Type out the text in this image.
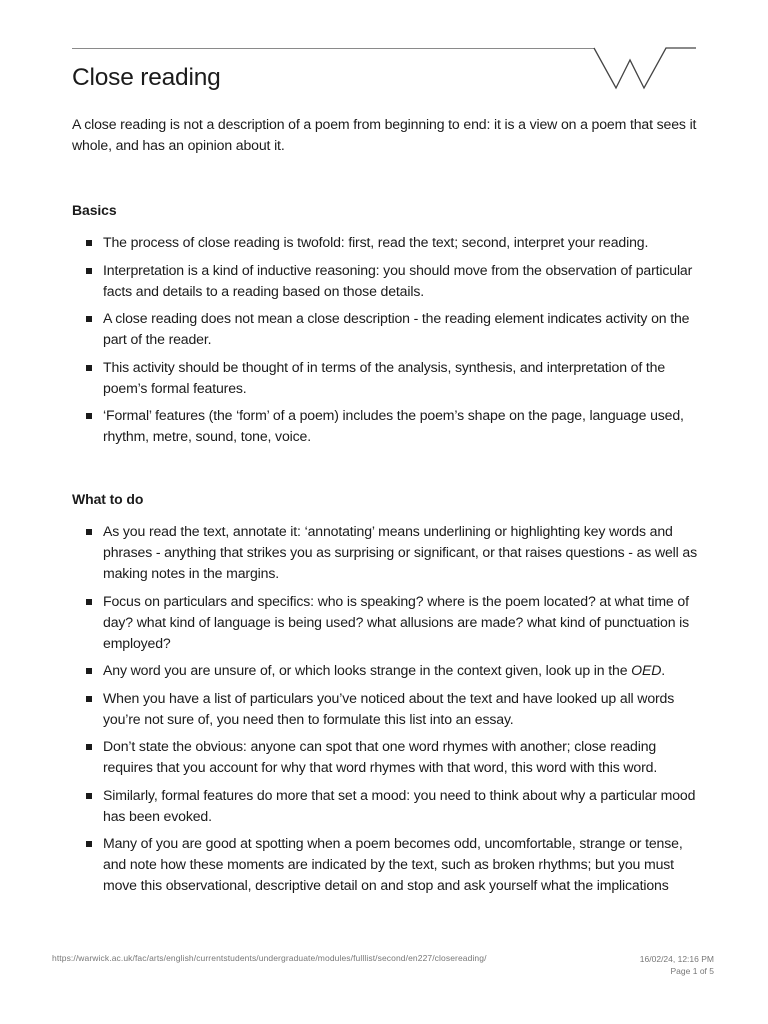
Close reading

A close reading is not a description of a poem from beginning to end: it is a view on a poem that sees it whole, and has an opinion about it.

Basics
The process of close reading is twofold: first, read the text; second, interpret your reading.
Interpretation is a kind of inductive reasoning: you should move from the observation of particular facts and details to a reading based on those details.
A close reading does not mean a close description - the reading element indicates activity on the part of the reader.
This activity should be thought of in terms of the analysis, synthesis, and interpretation of the poem’s formal features.
‘Formal’ features (the ‘form’ of a poem) includes the poem’s shape on the page, language used, rhythm, metre, sound, tone, voice.
What to do
As you read the text, annotate it: ‘annotating’ means underlining or highlighting key words and phrases - anything that strikes you as surprising or significant, or that raises questions - as well as making notes in the margins.
Focus on particulars and specifics: who is speaking? where is the poem located? at what time of day? what kind of language is being used? what allusions are made? what kind of punctuation is employed?
Any word you are unsure of, or which looks strange in the context given, look up in the OED.
When you have a list of particulars you’ve noticed about the text and have looked up all words you’re not sure of, you need then to formulate this list into an essay.
Don’t state the obvious: anyone can spot that one word rhymes with another; close reading requires that you account for why that word rhymes with that word, this word with this word.
Similarly, formal features do more that set a mood: you need to think about why a particular mood has been evoked.
Many of you are good at spotting when a poem becomes odd, uncomfortable, strange or tense, and note how these moments are indicated by the text, such as broken rhythms; but you must move this observational, descriptive detail on and stop and ask yourself what the implications
https://warwick.ac.uk/fac/arts/english/currentstudents/undergraduate/modules/fulllist/second/en227/closereading/	16/02/24, 12:16 PM
Page 1 of 5
